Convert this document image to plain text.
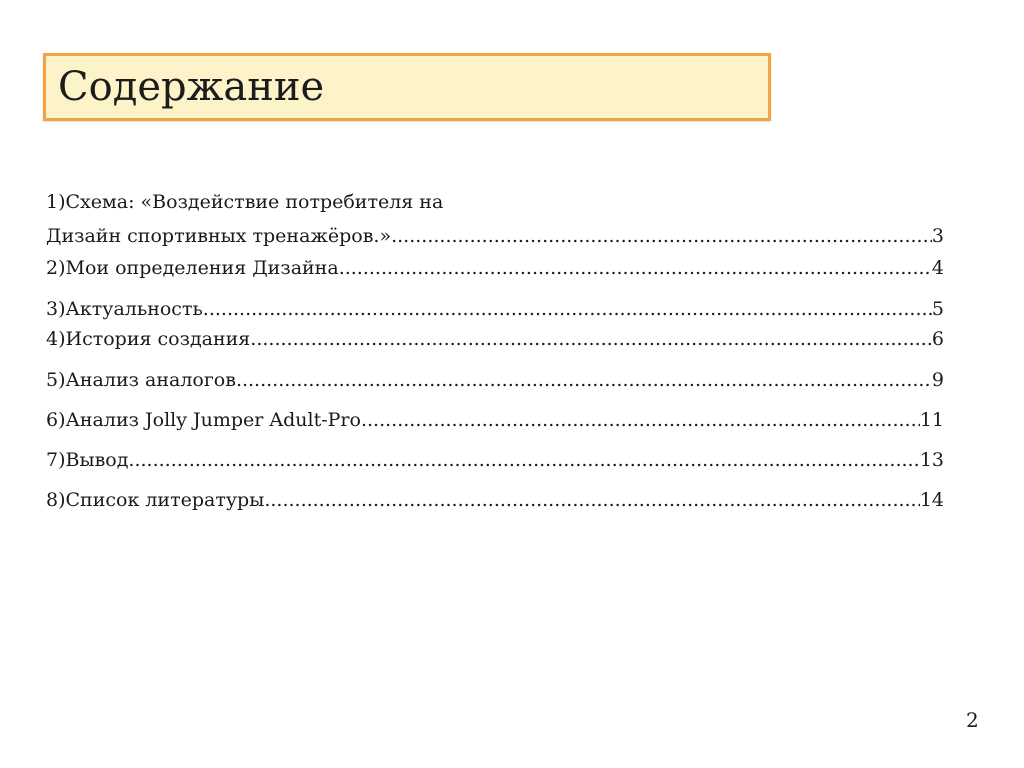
Содержание
1)Схема: «Воздействие потребителя на
Дизайн спортивных тренажёров.» .....	3
2)Мои определения Дизайна .....	4
3)Актуальность .....	5
4)История создания .....	6
5)Анализ аналогов .....	9
6)Анализ Jolly Jumper Adult-Pro .....	11
7)Вывод .....	13
8)Список литературы .....	14
2
